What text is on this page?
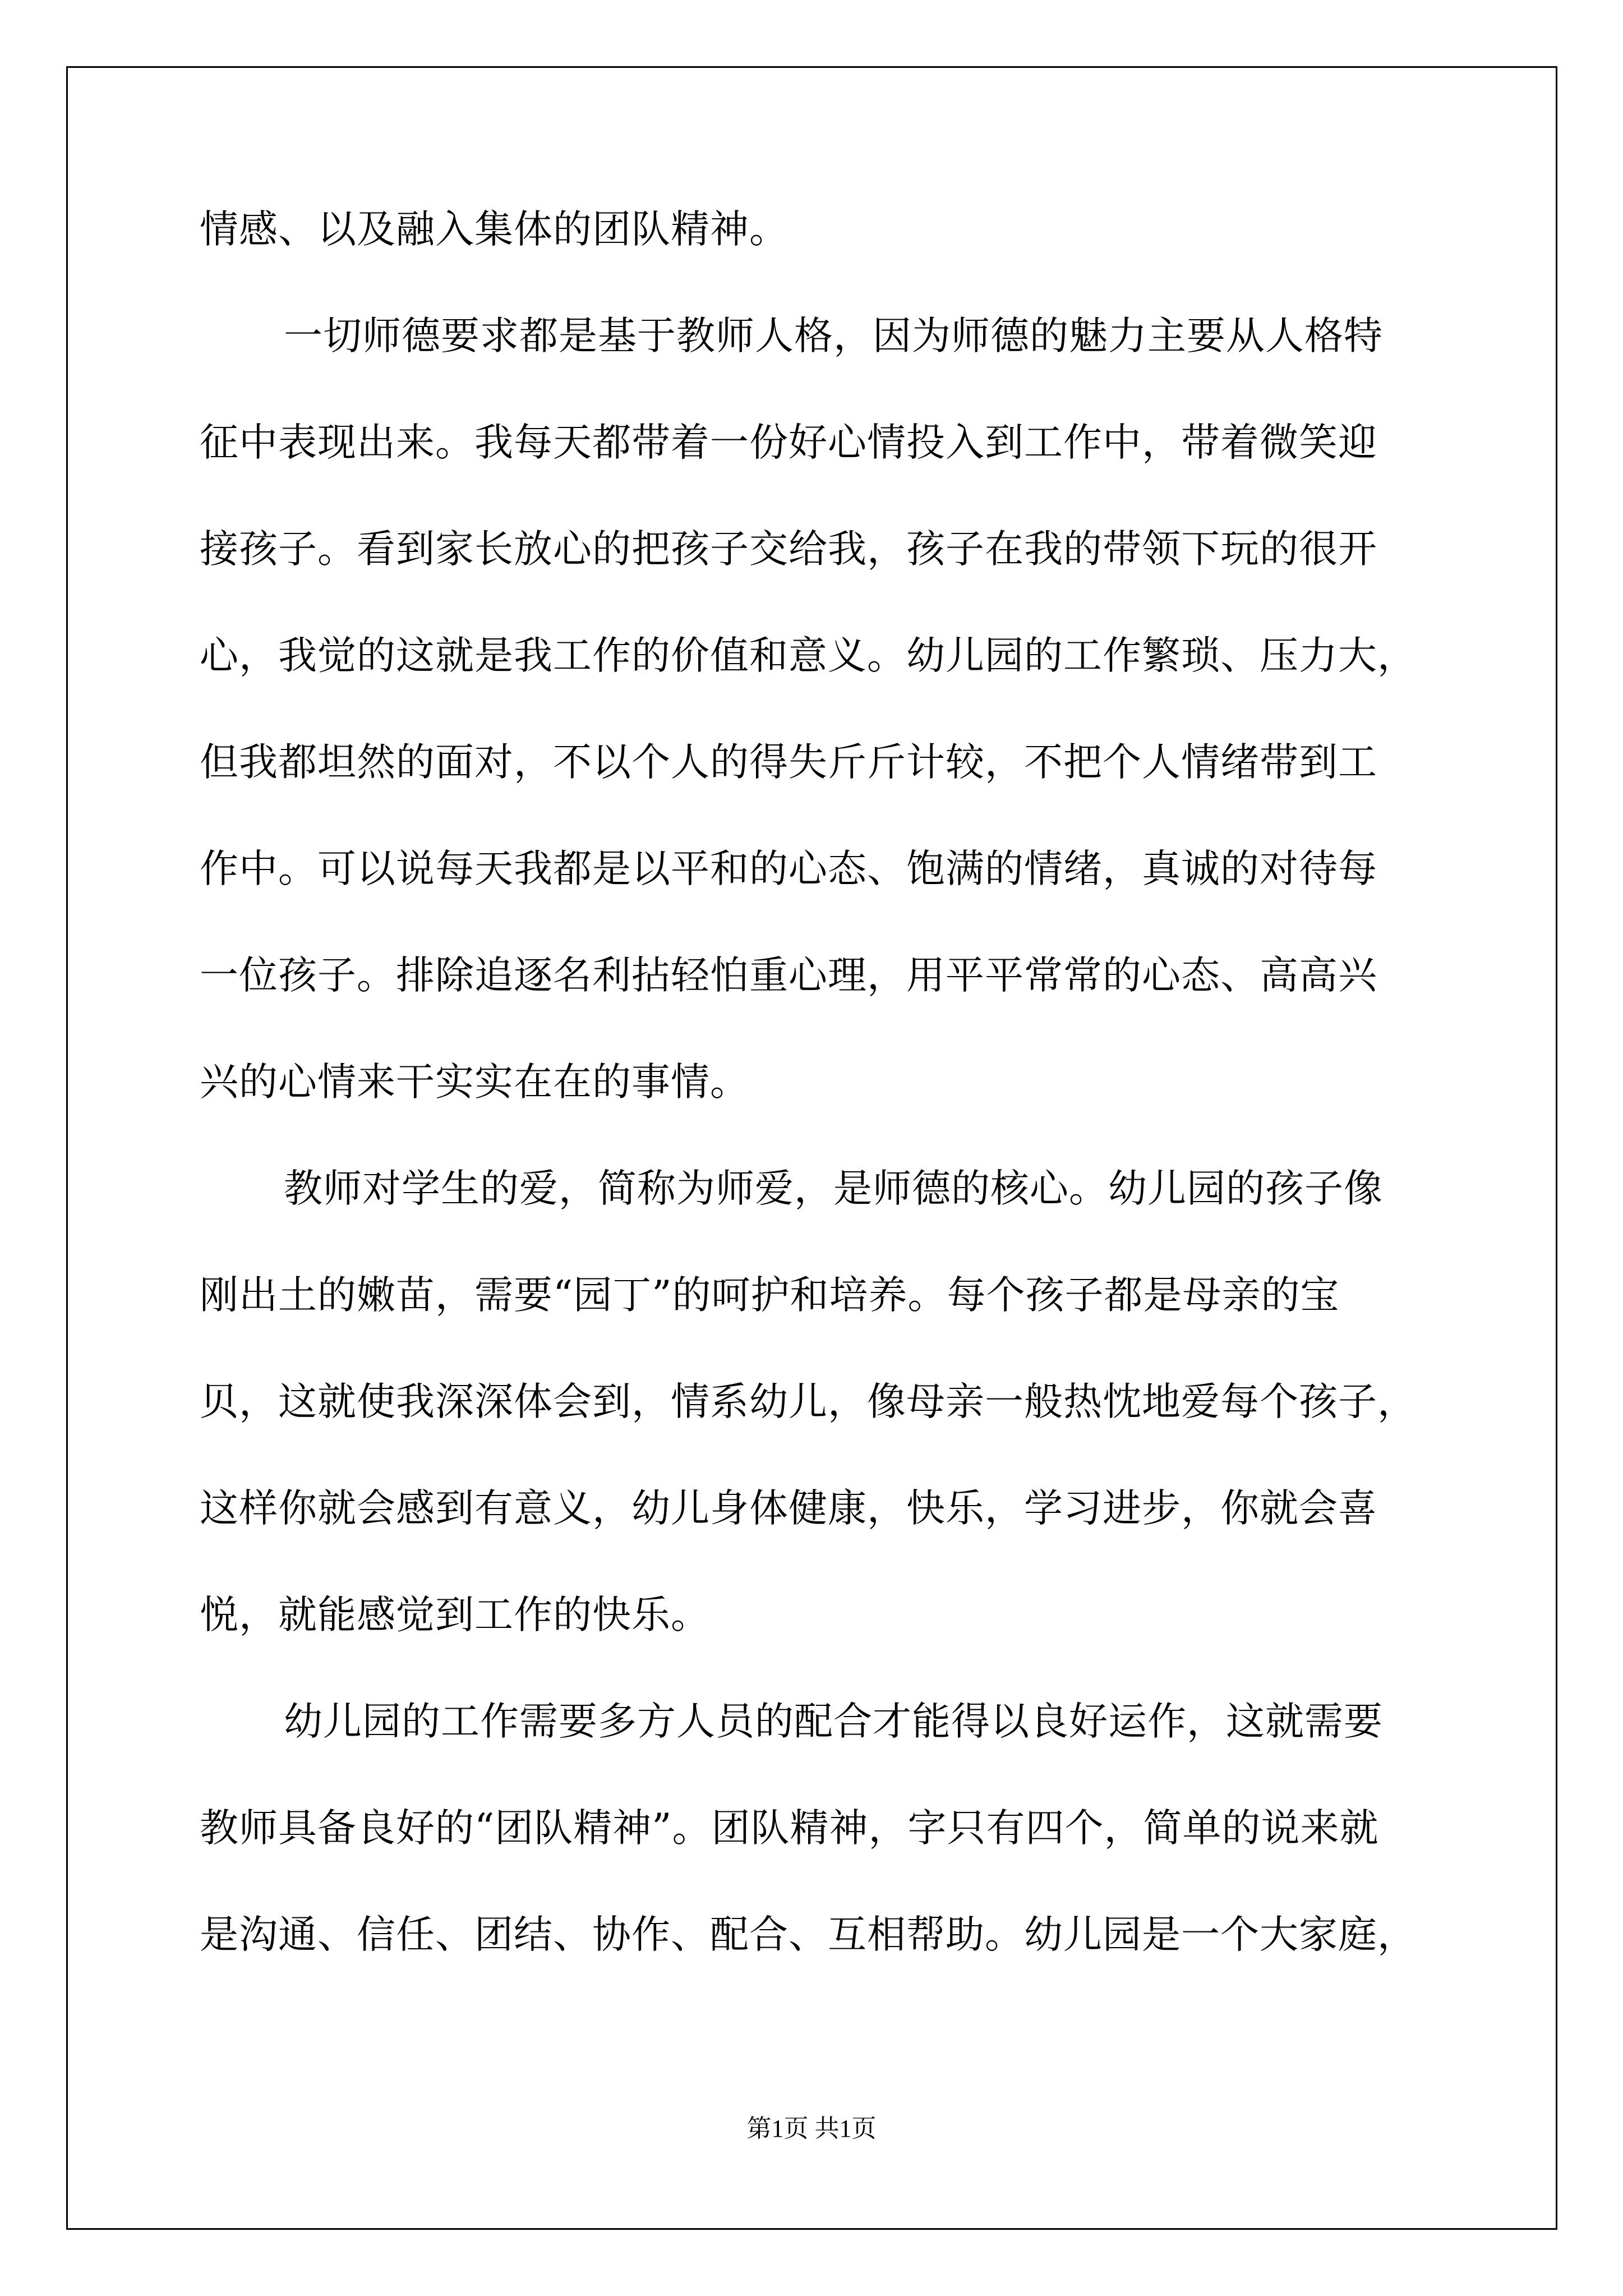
情感、以及融入集体的团队精神。
一切师德要求都是基于教师人格，因为师德的魅力主要从人格特
征中表现出来。我每天都带着一份好心情投入到工作中，带着微笑迎
接孩子。看到家长放心的把孩子交给我，孩子在我的带领下玩的很开
心，我觉的这就是我工作的价值和意义。幼儿园的工作繁琐、压力大，
但我都坦然的面对，不以个人的得失斤斤计较，不把个人情绪带到工
作中。可以说每天我都是以平和的心态、饱满的情绪，真诚的对待每
一位孩子。排除追逐名利拈轻怕重心理，用平平常常的心态、高高兴
兴的心情来干实实在在的事情。
教师对学生的爱，简称为师爱，是师德的核心。幼儿园的孩子像
刚出土的嫩苗，需要“园丁”的呵护和培养。每个孩子都是母亲的宝
贝，这就使我深深体会到，情系幼儿，像母亲一般热忱地爱每个孩子，
这样你就会感到有意义，幼儿身体健康，快乐，学习进步，你就会喜
悦，就能感觉到工作的快乐。
幼儿园的工作需要多方人员的配合才能得以良好运作，这就需要
教师具备良好的“团队精神”。团队精神，字只有四个，简单的说来就
是沟通、信任、团结、协作、配合、互相帮助。幼儿园是一个大家庭，
第1页 共1页
